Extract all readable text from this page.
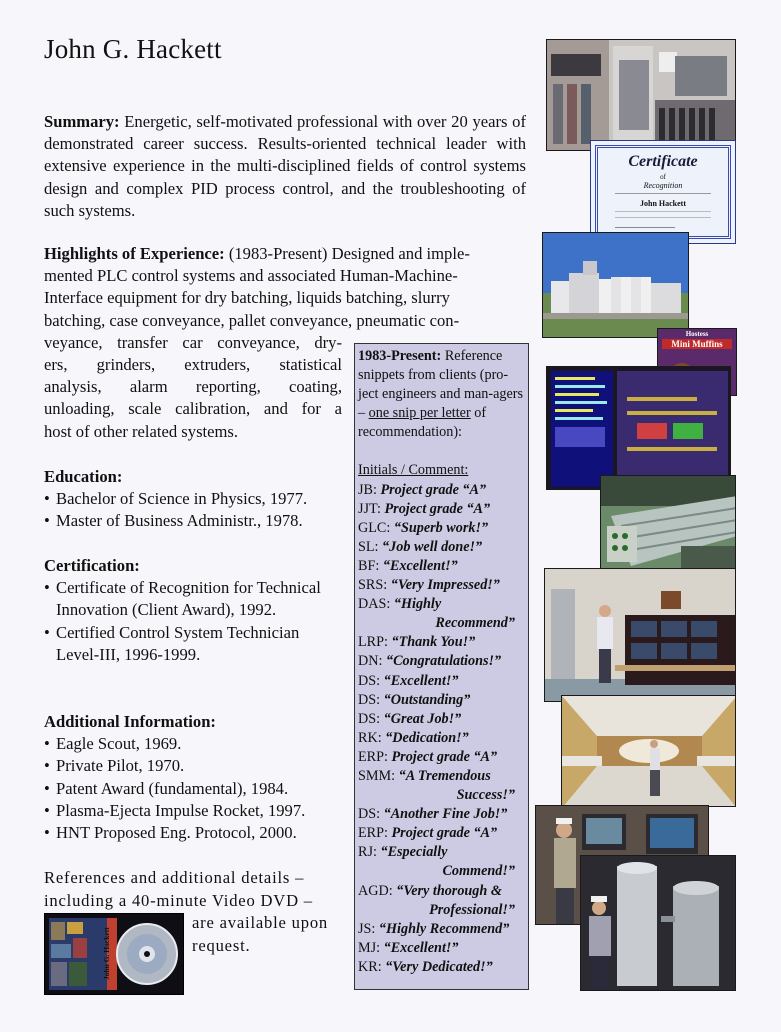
John G. Hackett
Summary: Energetic, self-motivated professional with over 20 years of demonstrated career success. Results-oriented technical leader with extensive experience in the multi-disciplined fields of control systems design and complex PID process control, and the troubleshooting of such systems.
Highlights of Experience: (1983-Present) Designed and imple-
mented PLC control systems and associated Human-Machine-
Interface equipment for dry batching, liquids batching, slurry
batching, case conveyance, pallet conveyance, pneumatic con-
veyance, transfer car conveyance, dry-
ers, grinders, extruders, statistical
analysis, alarm reporting, coating,
unloading, scale calibration, and for a
host of other related systems.
Education:
• Bachelor of Science in Physics, 1977.
• Master of Business Administr., 1978.
Certification:
• Certificate of Recognition for Technical Innovation (Client Award), 1992.
• Certified Control System Technician Level-III, 1996-1999.
Additional Information:
• Eagle Scout, 1969.
• Private Pilot, 1970.
• Patent Award (fundamental), 1984.
• Plasma-Ejecta Impulse Rocket, 1997.
• HNT Proposed Eng. Protocol, 2000.
References and additional details –
including a 40-minute Video DVD –
are available upon
request.
John G. Hackett
1983-Present: Reference snippets from clients (pro-ject engineers and man-agers – one snip per letter of recommendation):
Initials / Comment:
JB: Project grade “A”
JJT: Project grade “A”
GLC: “Superb work!”
SL: “Job well done!”
BF: “Excellent!”
SRS: “Very Impressed!”
DAS: “Highly
Recommend”
LRP: “Thank You!”
DN: “Congratulations!”
DS: “Excellent!”
DS: “Outstanding”
DS: “Great Job!”
RK: “Dedication!”
ERP: Project grade “A”
SMM: “A Tremendous
Success!”
DS: “Another Fine Job!”
ERP: Project grade “A”
RJ: “Especially
Commend!”
AGD: “Very thorough &
Professional!”
JS: “Highly Recommend”
MJ: “Excellent!”
KR: “Very Dedicated!”
Certificate
of
Recognition
John Hackett
Hostess
Mini Muffins
